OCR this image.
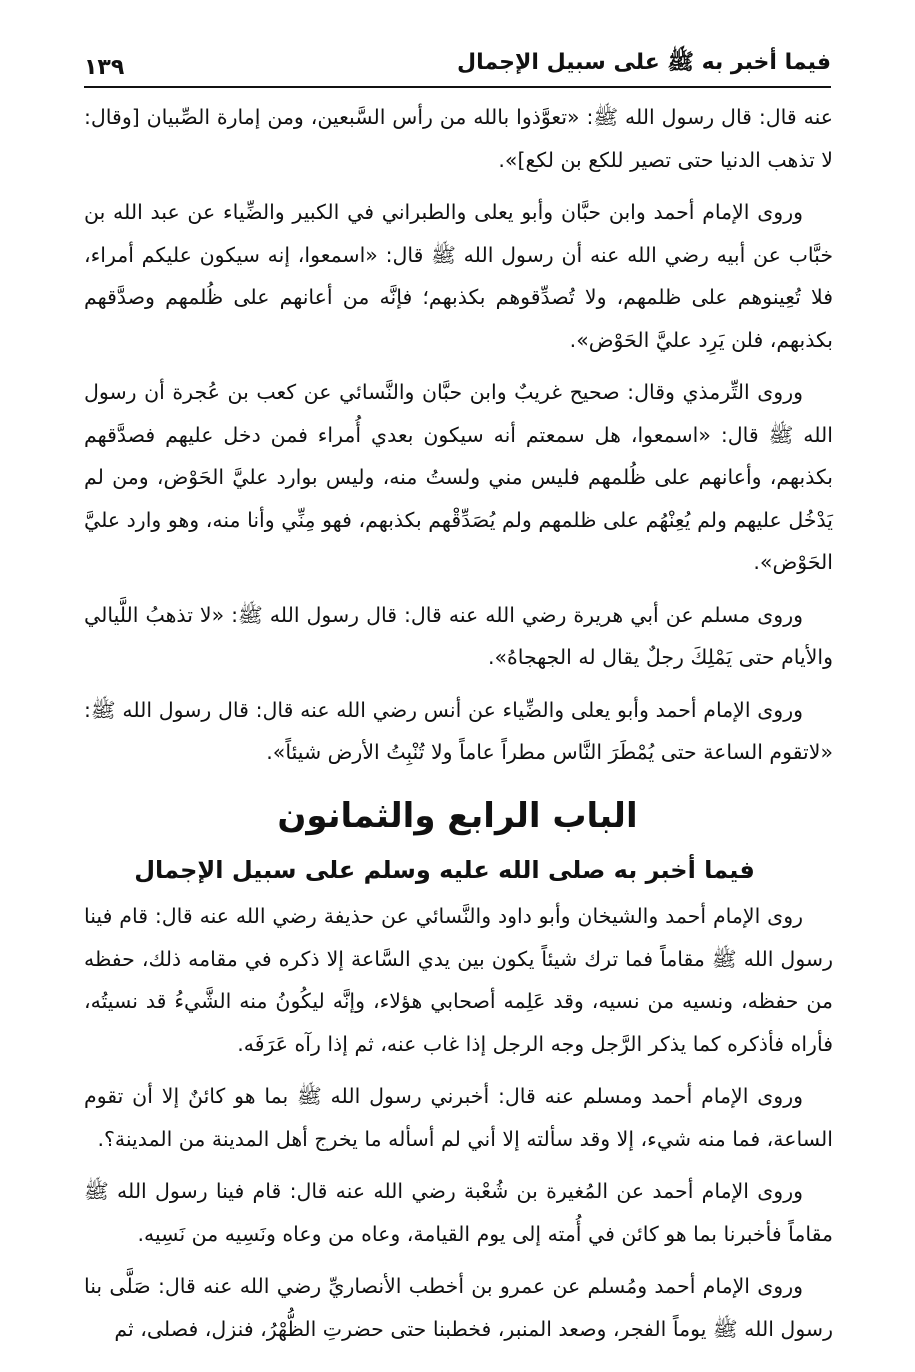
فيما أخبر به ﷺ على سبيل الإجمال
١٣٩

عنه قال: قال رسول الله ﷺ: «تعوَّذوا بالله من رأس السَّبعين، ومن إمارة الصِّبيان [وقال: لا تذهب الدنيا حتى تصير للكع بن لكع]».

وروى الإمام أحمد وابن حبَّان وأبو يعلى والطبراني في الكبير والضِّياء عن عبد الله بن خبَّاب عن أبيه رضي الله عنه أن رسول الله ﷺ قال: «اسمعوا، إنه سيكون عليكم أمراء، فلا تُعِينوهم على ظلمهم، ولا تُصدِّقوهم بكذبهم؛ فإنَّه من أعانهم على ظُلمهم وصدَّقهم بكذبهم، فلن يَرِد عليَّ الحَوْض».

وروى التِّرمذي وقال: صحيح غريبٌ وابن حبَّان والنَّسائي عن كعب بن عُجرة أن رسول الله ﷺ قال: «اسمعوا، هل سمعتم أنه سيكون بعدي أُمراء فمن دخل عليهم فصدَّقهم بكذبهم، وأعانهم على ظُلمهم فليس مني ولستُ منه، وليس بوارد عليَّ الحَوْض، ومن لم يَدْخُل عليهم ولم يُعِنْهُم على ظلمهم ولم يُصَدِّقْهم بكذبهم، فهو مِنِّي وأنا منه، وهو وارد عليَّ الحَوْض».

وروى مسلم عن أبي هريرة رضي الله عنه قال: قال رسول الله ﷺ: «لا تذهبُ اللَّيالي والأيام حتى يَمْلِكَ رجلٌ يقال له الجهجاهُ».

وروى الإمام أحمد وأبو يعلى والضِّياء عن أنس رضي الله عنه قال: قال رسول الله ﷺ: «لاتقوم الساعة حتى يُمْطَرَ النَّاس مطراً عاماً ولا تُنْبِتُ الأرض شيئاً».

الباب الرابع والثمانون
فيما أخبر به صلى الله عليه وسلم على سبيل الإجمال

روى الإمام أحمد والشيخان وأبو داود والنَّسائي عن حذيفة رضي الله عنه قال: قام فينا رسول الله ﷺ مقاماً فما ترك شيئاً يكون بين يدي السَّاعة إلا ذكره في مقامه ذلك، حفظه من حفظه، ونسيه من نسيه، وقد عَلِمه أصحابي هؤلاء، وإنَّه ليكُونُ منه الشَّيءُ قد نسيتُه، فأراه فأذكره كما يذكر الرَّجل وجه الرجل إذا غاب عنه، ثم إذا رآه عَرَفَه.

وروى الإمام أحمد ومسلم عنه قال: أخبرني رسول الله ﷺ بما هو كائنٌ إلا أن تقوم الساعة، فما منه شيء، إلا وقد سألته إلا أني لم أسأله ما يخرج أهل المدينة من المدينة؟.

وروى الإمام أحمد عن المُغيرة بن شُعْبة رضي الله عنه قال: قام فينا رسول الله ﷺ مقاماً فأخبرنا بما هو كائن في أُمته إلى يوم القيامة، وعاه من وعاه ونَسِيه من نَسِيه.

وروى الإمام أحمد ومُسلم عن عمرو بن أخطب الأنصاريِّ رضي الله عنه قال: صَلَّى بنا رسول الله ﷺ يوماً الفجر، وصعد المنبر، فخطبنا حتى حضرتِ الظُّهْرُ، فنزل، فصلى، ثم
